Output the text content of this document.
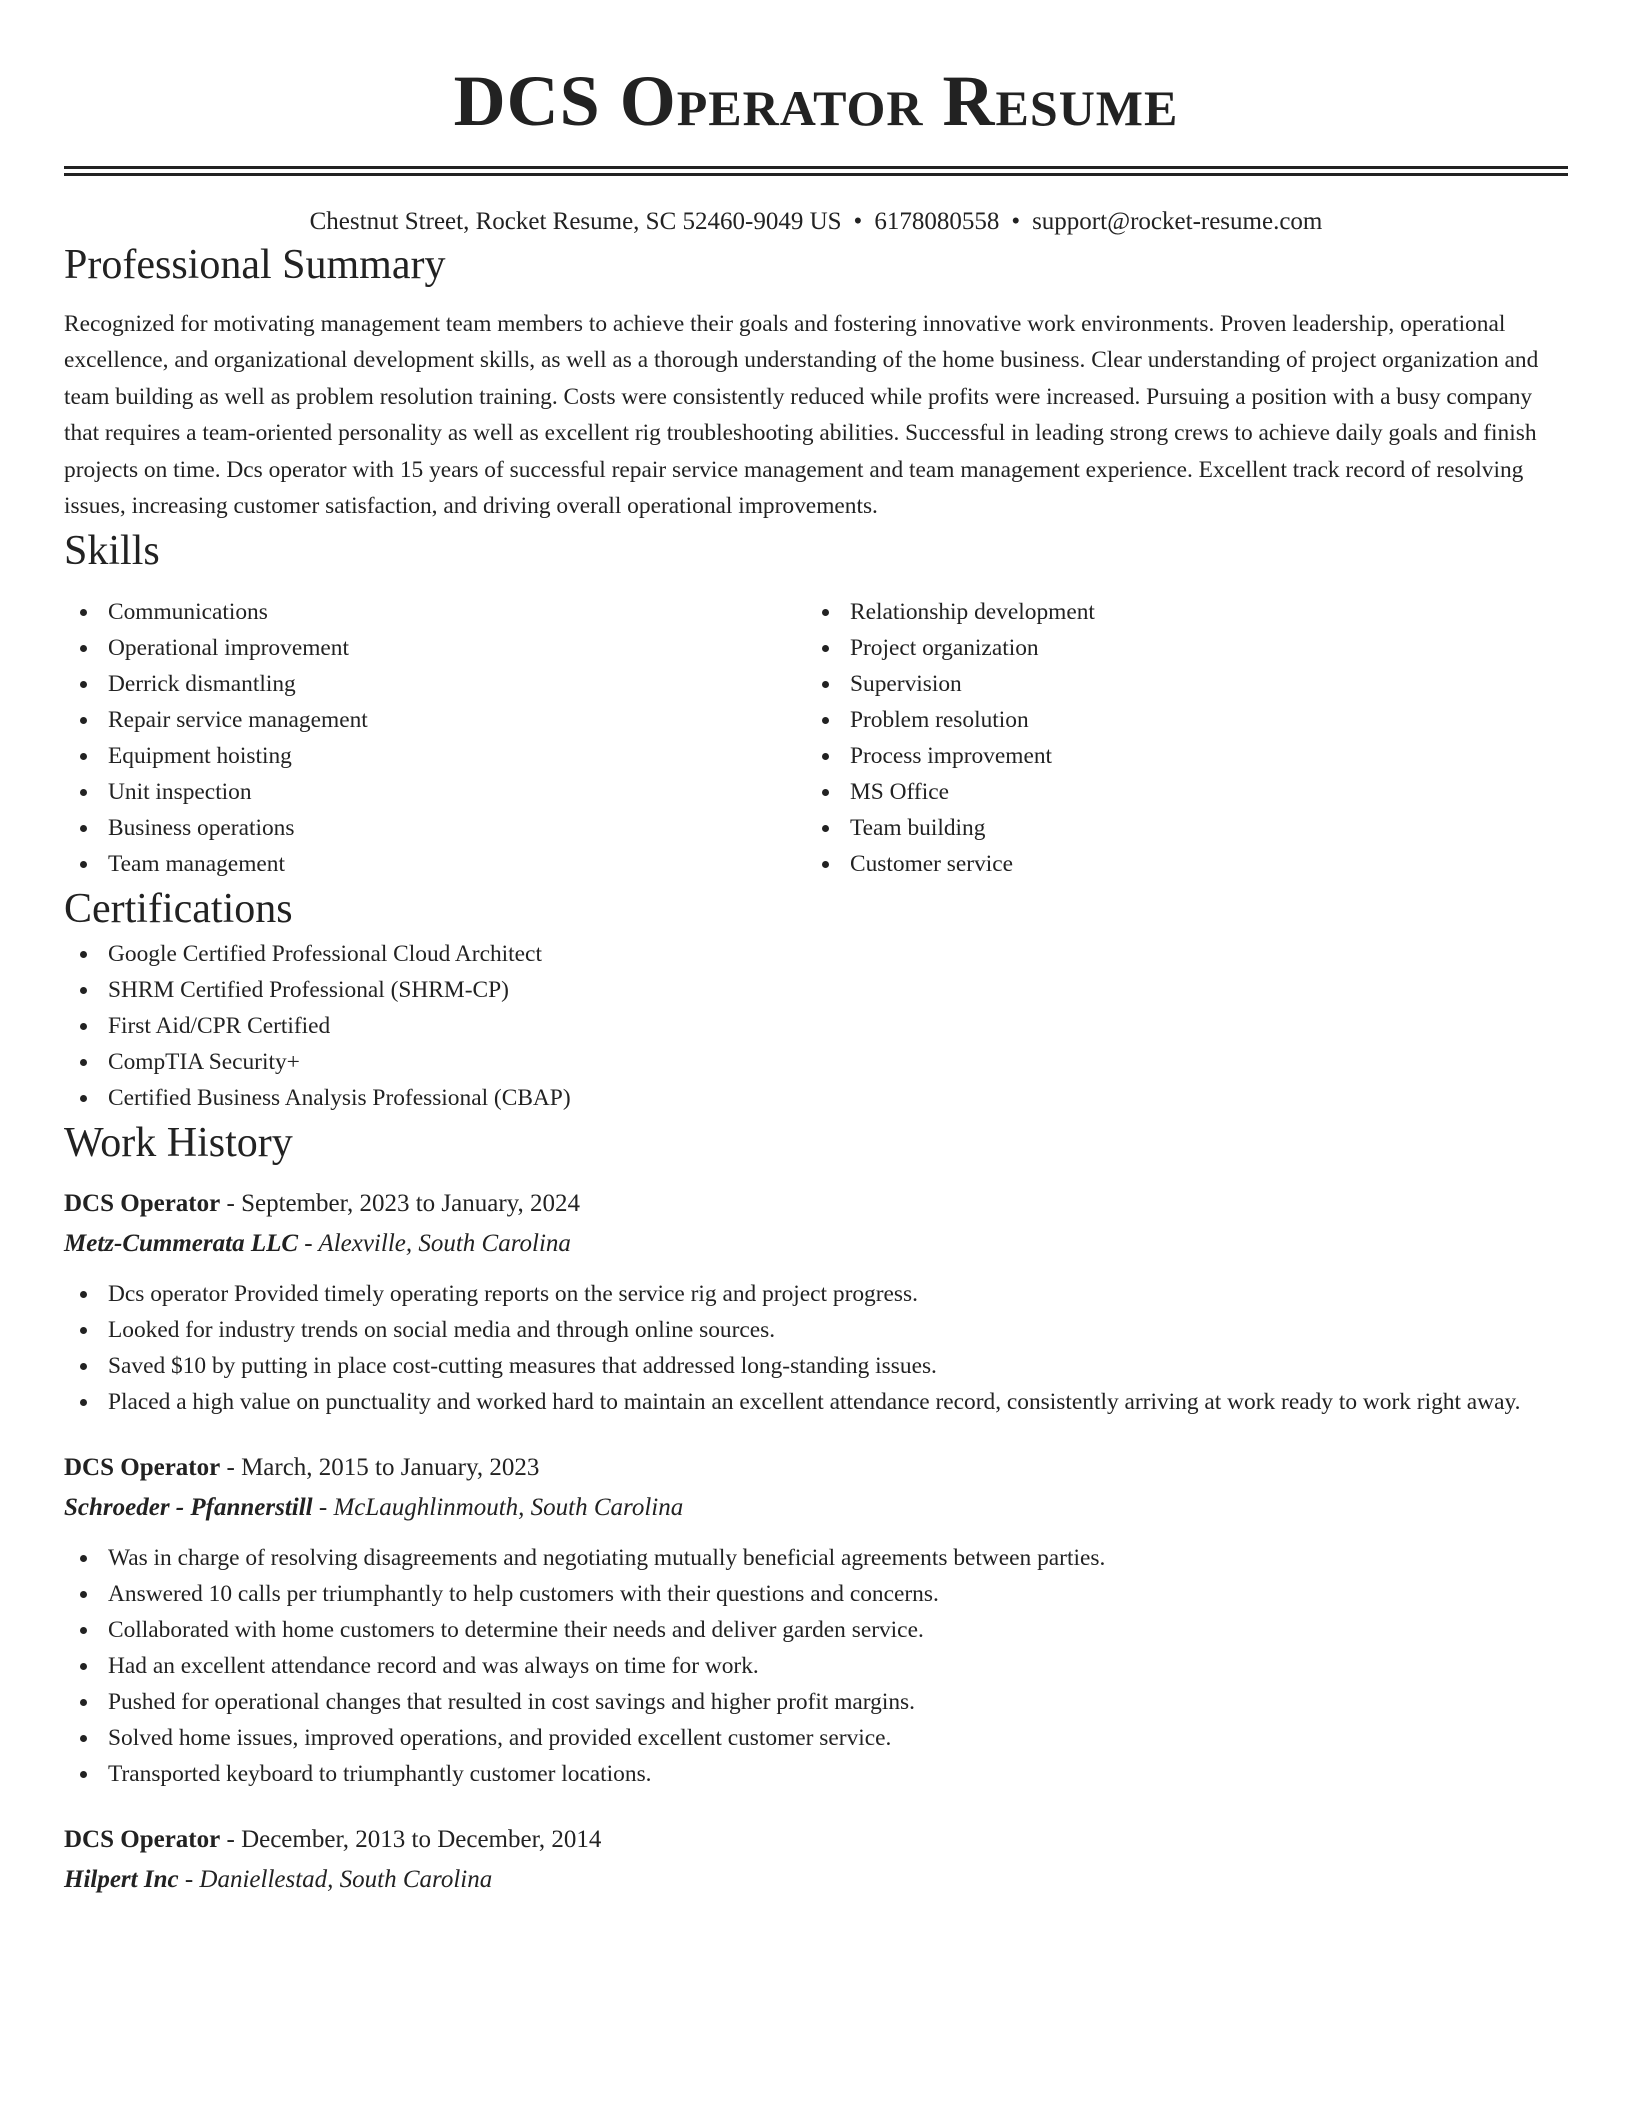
DCS Operator Resume
Chestnut Street, Rocket Resume, SC 52460-9049 US • 6178080558 • support@rocket-resume.com
Professional Summary

Recognized for motivating management team members to achieve their goals and fostering innovative work environments. Proven leadership, operational excellence, and organizational development skills, as well as a thorough understanding of the home business. Clear understanding of project organization and team building as well as problem resolution training. Costs were consistently reduced while profits were increased. Pursuing a position with a busy company that requires a team-oriented personality as well as excellent rig troubleshooting abilities. Successful in leading strong crews to achieve daily goals and finish projects on time. Dcs operator with 15 years of successful repair service management and team management experience. Excellent track record of resolving issues, increasing customer satisfaction, and driving overall operational improvements.

Skills
Communications
Operational improvement
Derrick dismantling
Repair service management
Equipment hoisting
Unit inspection
Business operations
Team management
Relationship development
Project organization
Supervision
Problem resolution
Process improvement
MS Office
Team building
Customer service
Certifications
Google Certified Professional Cloud Architect
SHRM Certified Professional (SHRM-CP)
First Aid/CPR Certified
CompTIA Security+
Certified Business Analysis Professional (CBAP)
Work History
DCS Operator - September, 2023 to January, 2024
Metz-Cummerata LLC - Alexville, South Carolina
Dcs operator Provided timely operating reports on the service rig and project progress.
Looked for industry trends on social media and through online sources.
Saved $10 by putting in place cost-cutting measures that addressed long-standing issues.
Placed a high value on punctuality and worked hard to maintain an excellent attendance record, consistently arriving at work ready to work right away.
DCS Operator - March, 2015 to January, 2023
Schroeder - Pfannerstill - McLaughlinmouth, South Carolina
Was in charge of resolving disagreements and negotiating mutually beneficial agreements between parties.
Answered 10 calls per triumphantly to help customers with their questions and concerns.
Collaborated with home customers to determine their needs and deliver garden service.
Had an excellent attendance record and was always on time for work.
Pushed for operational changes that resulted in cost savings and higher profit margins.
Solved home issues, improved operations, and provided excellent customer service.
Transported keyboard to triumphantly customer locations.
DCS Operator - December, 2013 to December, 2014
Hilpert Inc - Daniellestad, South Carolina
